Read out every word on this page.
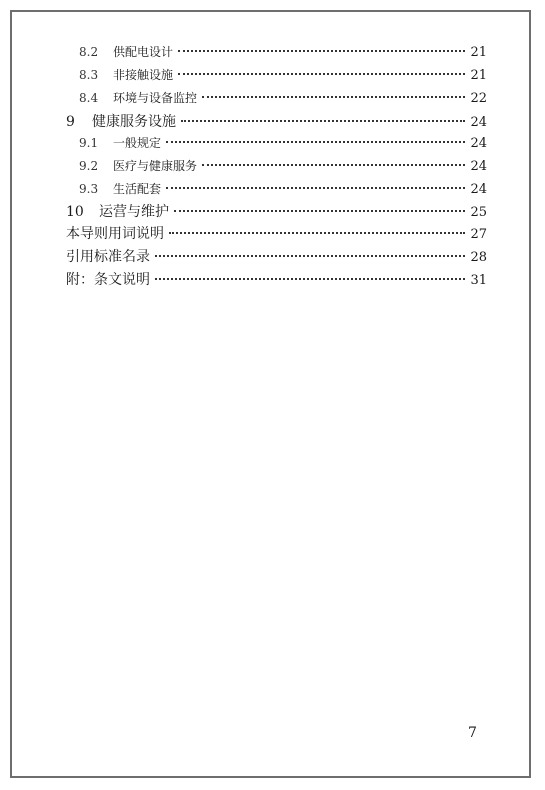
8.2	供配电设计	21
8.3	非接触设施	21
8.4	环境与设备监控	22
9	健康服务设施	24
9.1	一般规定	24
9.2	医疗与健康服务	24
9.3	生活配套	24
10	运营与维护	25
本导则用词说明	27
引用标准名录	28
附：条文说明	31
7
